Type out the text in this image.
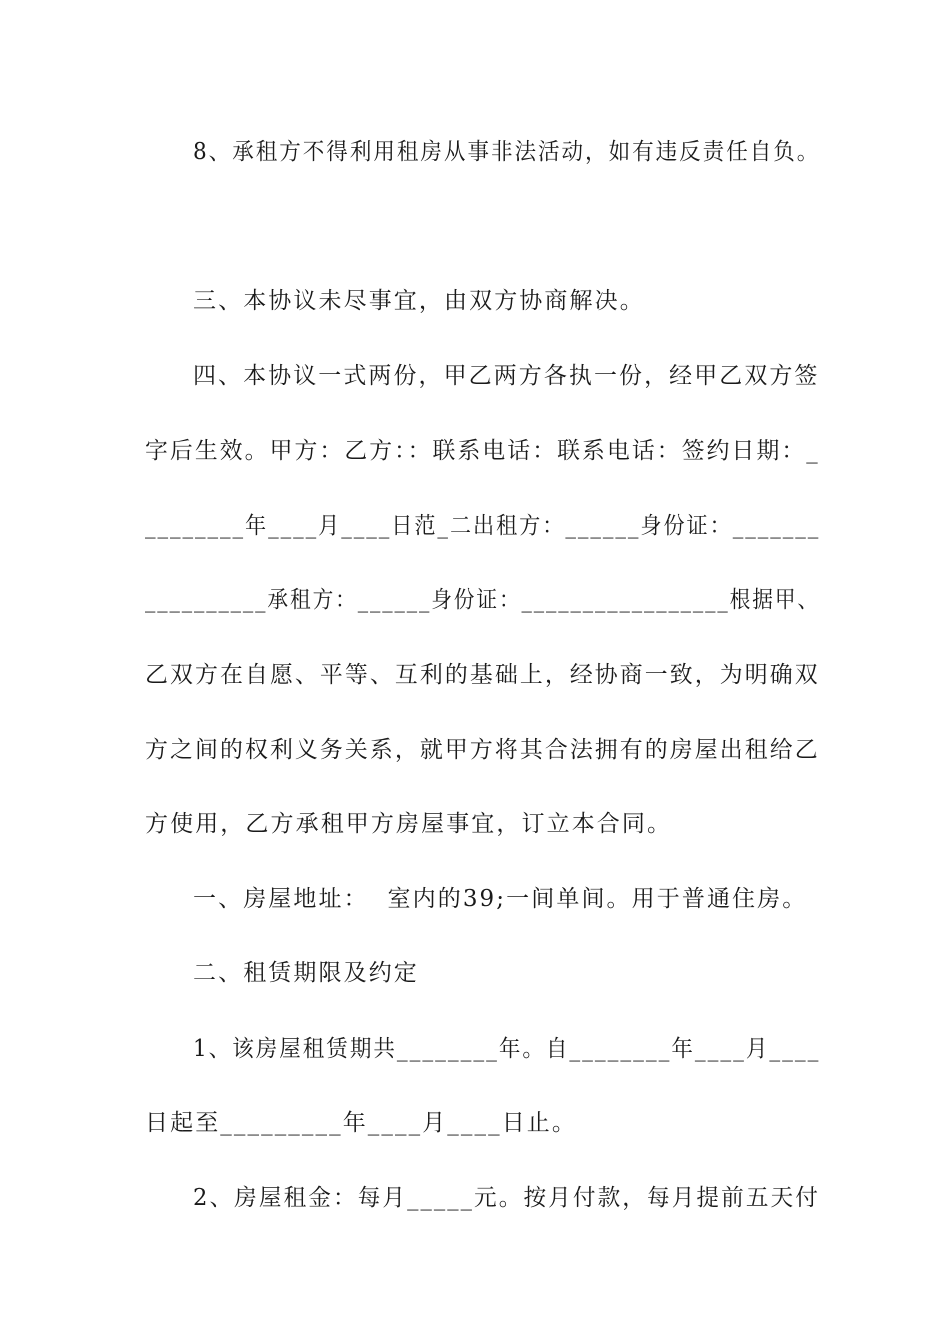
8、承租方不得利用租房从事非法活动，如有违反责任自负。
三、本协议未尽事宜，由双方协商解决。
四、本协议一式两份，甲乙两方各执一份，经甲乙双方签
字后生效。甲方：乙方：：联系电话：联系电话：签约日期：_
________年____月____日范_二出租方：______身份证：_______
__________承租方：______身份证：_________________根据甲、
乙双方在自愿、平等、互利的基础上，经协商一致，为明确双
方之间的权利义务关系，就甲方将其合法拥有的房屋出租给乙
方使用，乙方承租甲方房屋事宜，订立本合同。
一、房屋地址：  室内的39;一间单间。用于普通住房。
二、租赁期限及约定
1、该房屋租赁期共________年。自________年____月____
日起至_________年____月____日止。
2、房屋租金：每月_____元。按月付款，每月提前五天付
